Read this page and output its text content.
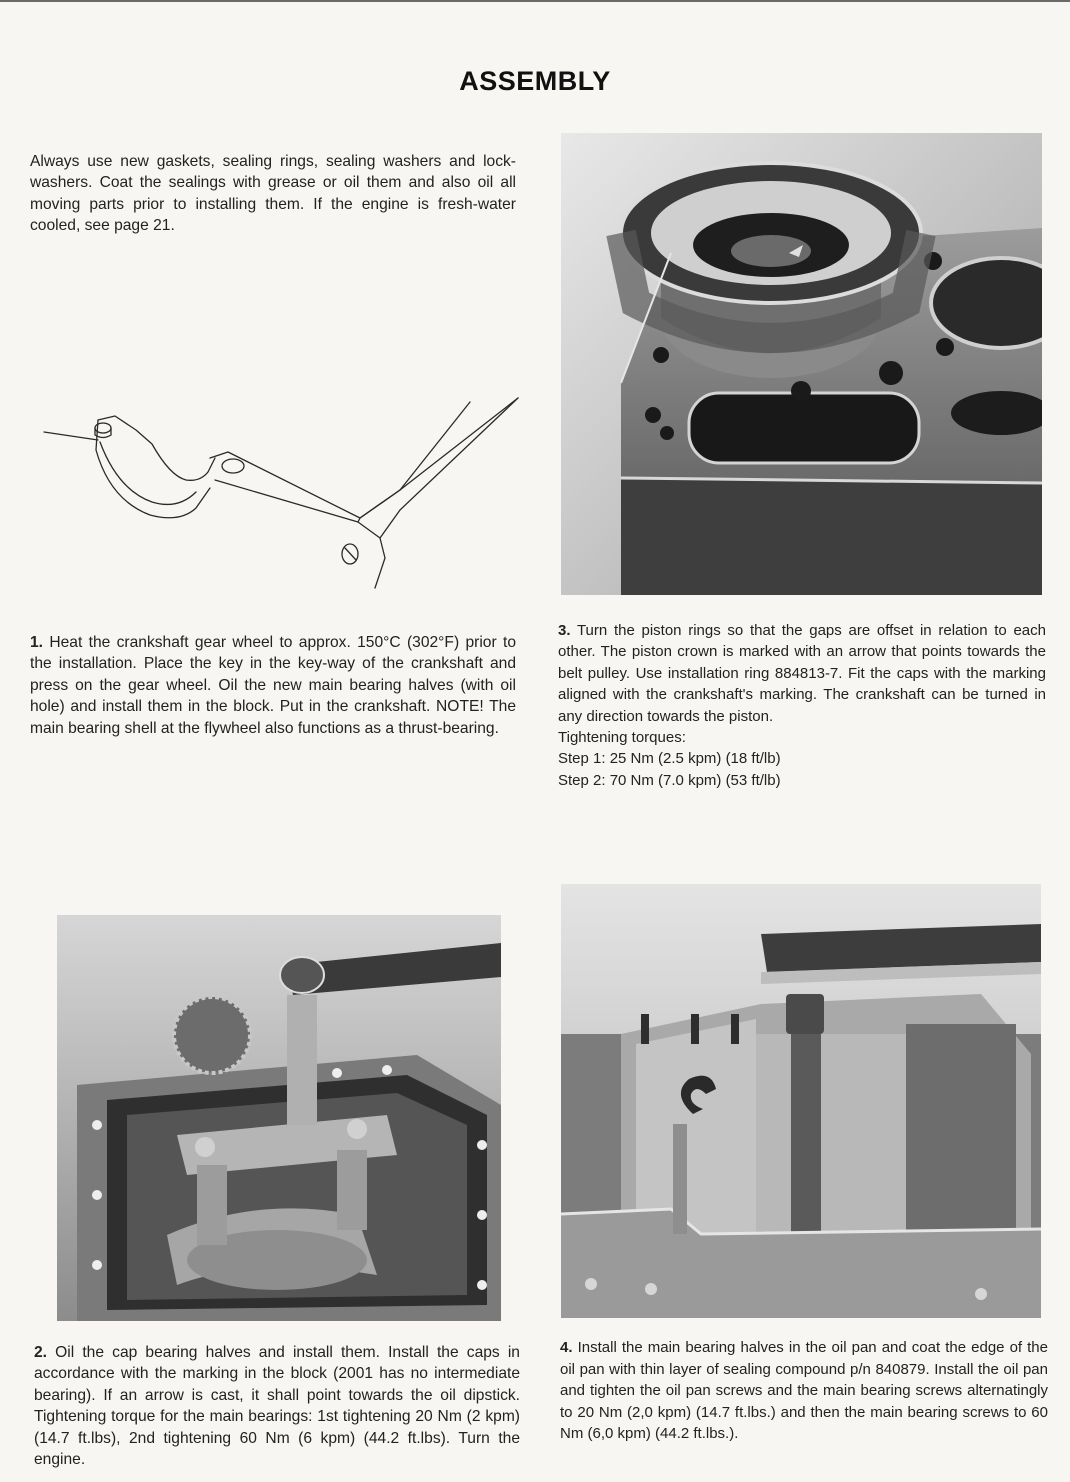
ASSEMBLY

Always use new gaskets, sealing rings, sealing washers and lock-washers. Coat the sealings with grease or oil them and also oil all moving parts prior to installing them. If the engine is fresh-water cooled, see page 21.

1. Heat the crankshaft gear wheel to approx. 150°C (302°F) prior to the installation. Place the key in the key-way of the crankshaft and press on the gear wheel. Oil the new main bearing halves (with oil hole) and install them in the block. Put in the crankshaft. NOTE! The main bearing shell at the flywheel also functions as a thrust-bearing.

3. Turn the piston rings so that the gaps are offset in relation to each other. The piston crown is marked with an arrow that points towards the belt pulley. Use installation ring 884813-7. Fit the caps with the marking aligned with the crankshaft's marking. The crankshaft can be turned in any direction towards the piston.
Tightening torques:
Step 1: 25 Nm (2.5 kpm) (18 ft/lb)
Step 2: 70 Nm (7.0 kpm) (53 ft/lb)

2. Oil the cap bearing halves and install them. Install the caps in accordance with the marking in the block (2001 has no intermediate bearing). If an arrow is cast, it shall point towards the oil dipstick. Tightening torque for the main bearings: 1st tightening 20 Nm (2 kpm) (14.7 ft.lbs), 2nd tightening 60 Nm (6 kpm) (44.2 ft.lbs). Turn the engine.

4. Install the main bearing halves in the oil pan and coat the edge of the oil pan with thin layer of sealing compound p/n 840879. Install the oil pan and tighten the oil pan screws and the main bearing screws alternatingly to 20 Nm (2,0 kpm) (14.7 ft.lbs.) and then the main bearing screws to 60 Nm (6,0 kpm) (44.2 ft.lbs.).
